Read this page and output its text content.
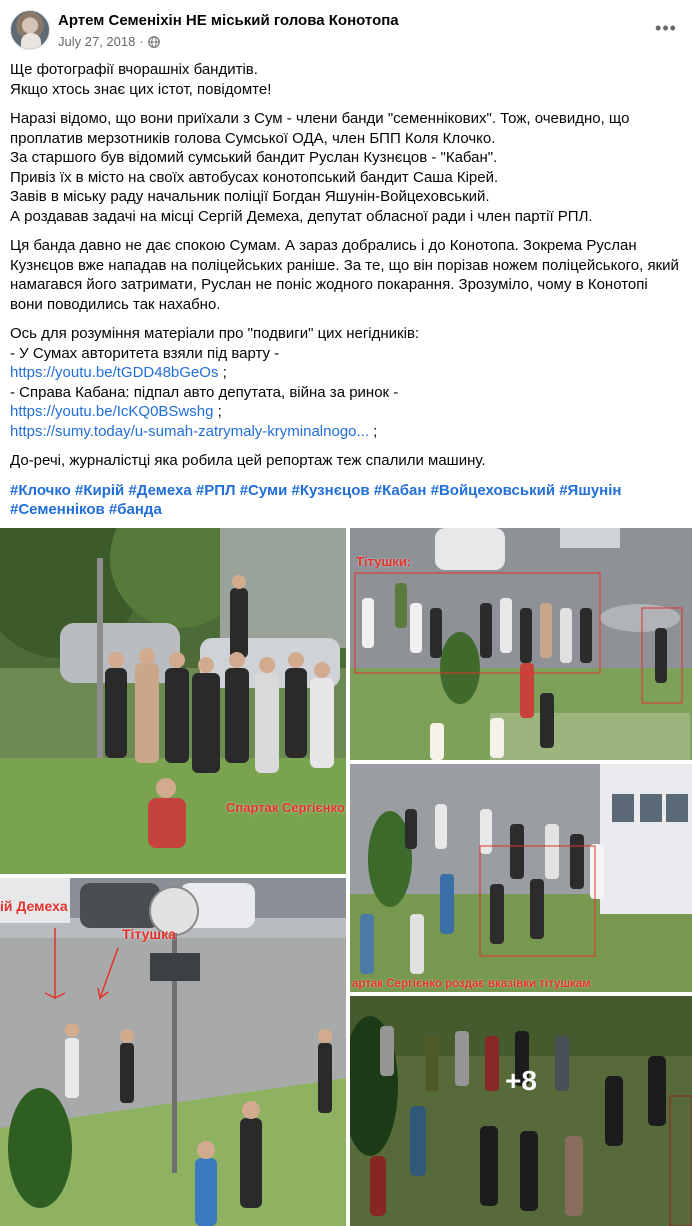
Артем Семеніхін НЕ міський голова Конотопа
July 27, 2018 ·
•••

Ще фотографії вчорашніх бандитів.
Якщо хтось знає цих істот, повідомте!

Наразі відомо, що вони приїхали з Сум - члени банди "семеннікових". Тож, очевидно, що
проплатив мерзотників голова Сумської ОДА, член БПП Коля Клочко.
За старшого був відомий сумський бандит Руслан Кузнєцов - "Кабан".
Привіз їх в місто на своїх автобусах конотопський бандит Саша Кірей.
Завів в міську раду начальник поліції Богдан Яшунін-Войцеховський.
А роздавав задачі на місці Сергій Демеха, депутат обласної ради і член партії РПЛ.

Ця банда давно не дає спокою Сумам. А зараз добрались і до Конотопа. Зокрема Руслан
Кузнєцов вже нападав на поліцейських раніше. За те, що він порізав ножем поліцейського, який
намагався його затримати, Руслан не поніс жодного покарання. Зрозуміло, чому в Конотопі
вони поводились так нахабно.

Ось для розуміння матеріали про "подвиги" цих негідників:
- У Сумах авторитета взяли під варту -
https://youtu.be/tGDD48bGeOs ;
- Справа Кабана: підпал авто депутата, війна за ринок -
https://youtu.be/IcKQ0BSwshg ;
https://sumy.today/u-sumah-zatrymaly-kryminalnogo... ;

До-речі, журналістці яка робила цей репортаж теж спалили машину.

#Клочко #Кирій #Демеха #РПЛ #Суми #Кузнєцов #Кабан #Войцеховський #Яшунін
#Семенніков #банда

Спартак Сергієнко
Тітушки:
артак Сергієнко роздає вказівки тітушкам
ій Демеха
Тітушка
+8
